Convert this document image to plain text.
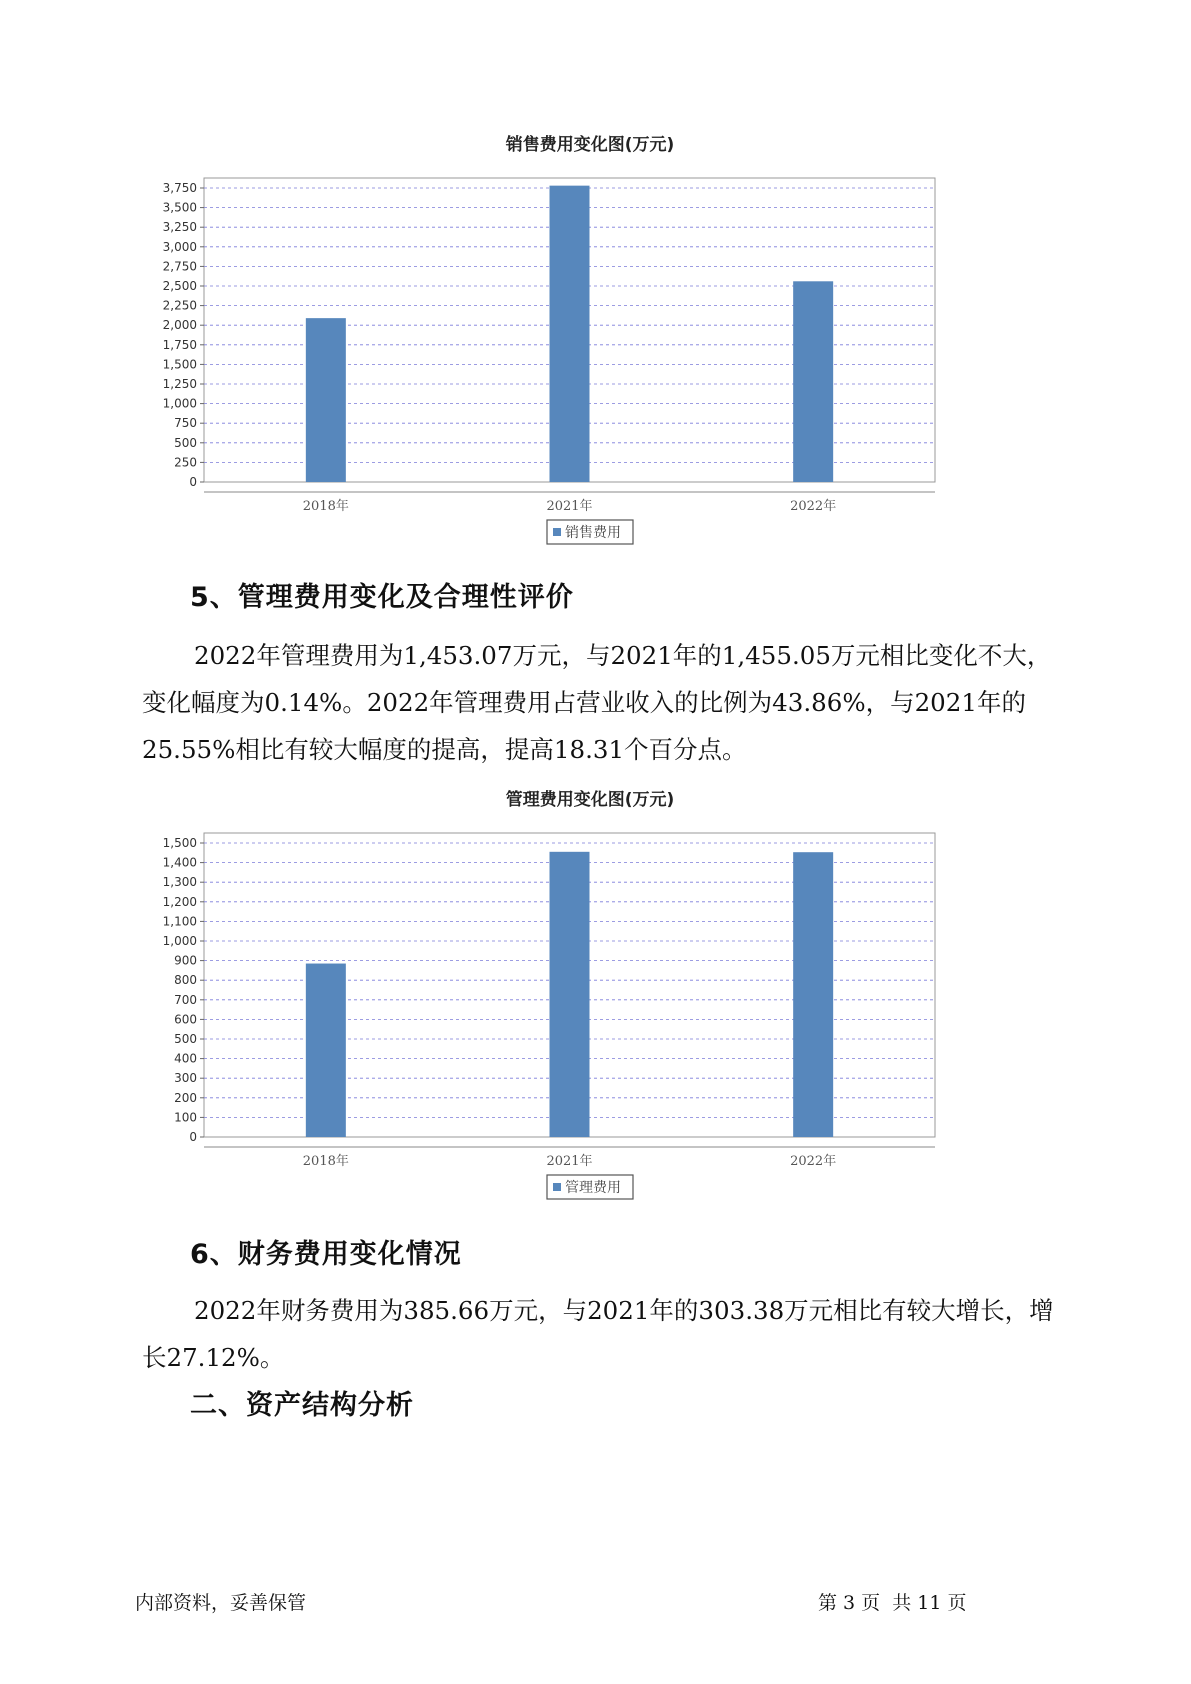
销售费用变化图(万元)
0
250
500
750
1,000
1,250
1,500
1,750
2,000
2,250
2,500
2,750
3,000
3,250
3,500
3,750
2018年	2021年	2022年
销售费用
5、管理费用变化及合理性评价

2022年管理费用为1,453.07万元，与2021年的1,455.05万元相比变化不大，变化幅度为0.14%。2022年管理费用占营业收入的比例为43.86%，与2021年的25.55%相比有较大幅度的提高，提高18.31个百分点。

管理费用变化图(万元)
0
100
200
300
400
500
600
700
800
900
1,000
1,100
1,200
1,300
1,400
1,500
2018年	2021年	2022年
管理费用
6、财务费用变化情况

2022年财务费用为385.66万元，与2021年的303.38万元相比有较大增长，增长27.12%。

二、资产结构分析
内部资料，妥善保管	第 3 页  共 11 页
